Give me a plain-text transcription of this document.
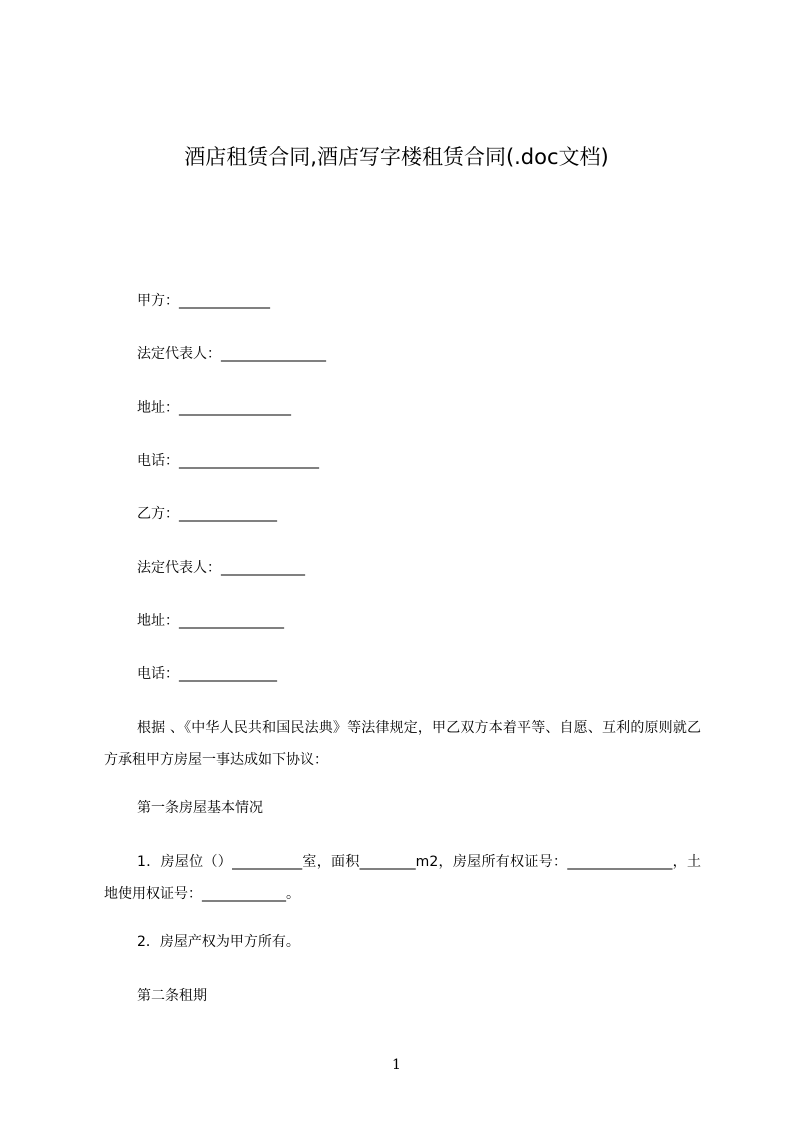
酒店租赁合同,酒店写字楼租赁合同(.doc文档)
甲方：_____________
法定代表人：_______________
地址：________________
电话：____________________
乙方：______________
法定代表人：____________
地址：_______________
电话：______________
根据 、《中华人民共和国民法典》等法律规定，甲乙双方本着平等、自愿、互利的原则就乙方承租甲方房屋一事达成如下协议：
第一条房屋基本情况
1．房屋位（）__________室，面积________m2，房屋所有权证号：_______________，土地使用权证号：____________。
2．房屋产权为甲方所有。
第二条租期
1
